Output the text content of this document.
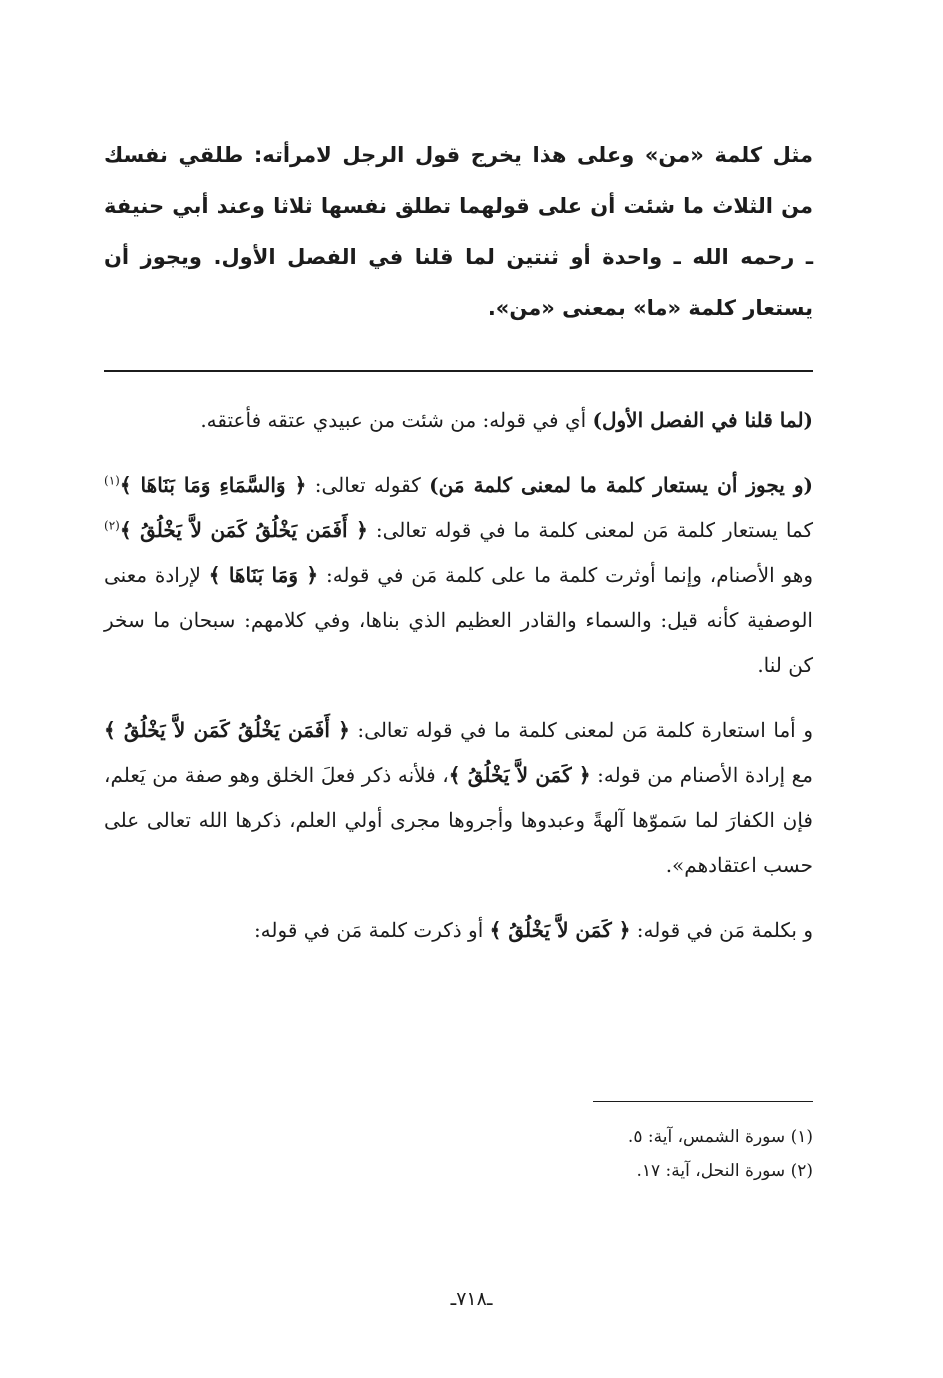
مثل كلمة «من» وعلى هذا يخرج قول الرجل لامرأته: طلقي نفسك من الثلاث ما شئت أن على قولهما تطلق نفسها ثلاثا وعند أبي حنيفة ـ رحمه الله ـ واحدة أو ثنتين لما قلنا في الفصل الأول. ويجوز أن يستعار كلمة «ما» بمعنى «من».

(لما قلنا في الفصل الأول) أي في قوله: من شئت من عبيدي عتقه فأعتقه.

(و يجوز أن يستعار كلمة ما لمعنى كلمة مَن) كقوله تعالى: ﴿ وَالسَّمَاءِ وَمَا بَنَاهَا ﴾$^{(١)}$ كما يستعار كلمة مَن لمعنى كلمة ما في قوله تعالى: ﴿ أَفَمَن يَخْلُقُ كَمَن لاَّ يَخْلُقُ ﴾$^{(٢)}$ وهو الأصنام، وإنما أوثرت كلمة ما على كلمة مَن في قوله: ﴿ وَمَا بَنَاهَا ﴾ لإرادة معنى الوصفية كأنه قيل: والسماء والقادر العظيم الذي بناها، وفي كلامهم: سبحان ما سخر كن لنا.

و أما استعارة كلمة مَن لمعنى كلمة ما في قوله تعالى: ﴿ أَفَمَن يَخْلُقُ كَمَن لاَّ يَخْلُقُ ﴾ مع إرادة الأصنام من قوله: ﴿ كَمَن لاَّ يَخْلُقُ ﴾، فلأنه ذكر فعلَ الخلق وهو صفة من يَعلم، فإن الكفارَ لما سَموّها آلهةً وعبدوها وأجروها مجرى أولي العلم، ذكرها الله تعالى على حسب اعتقادهم».

و بكلمة مَن في قوله: ﴿ كَمَن لاَّ يَخْلُقُ ﴾ أو ذكرت كلمة مَن في قوله:

(١) سورة الشمس، آية: ٥.
(٢) سورة النحل، آية: ١٧.
ـ٧١٨ـ
